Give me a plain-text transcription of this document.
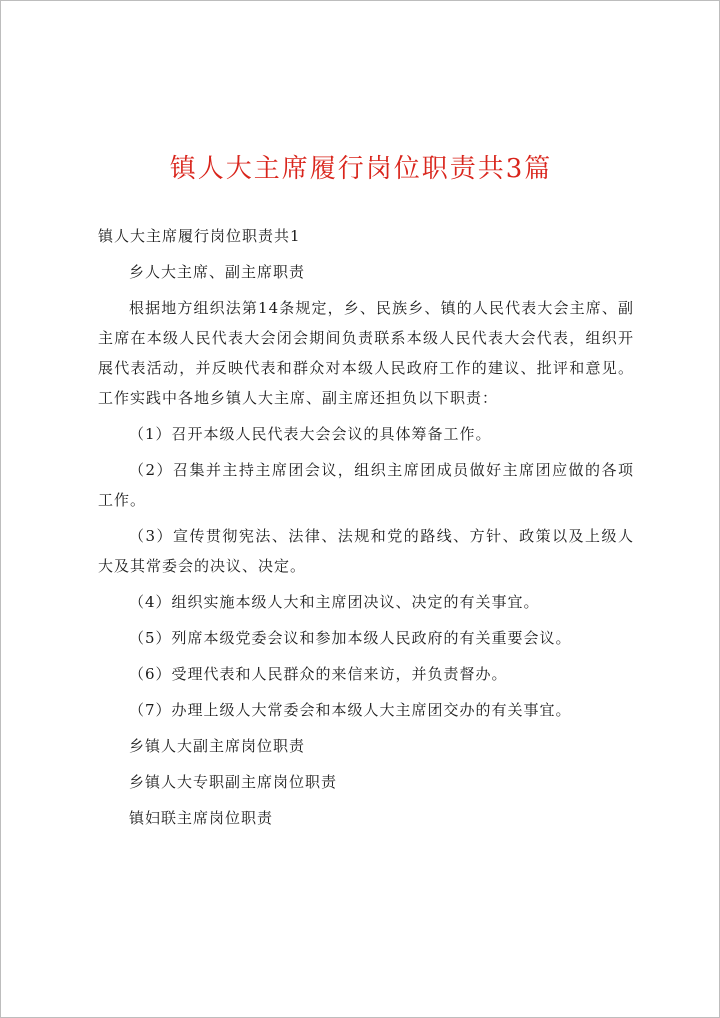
镇人大主席履行岗位职责共3篇

镇人大主席履行岗位职责共1

乡人大主席、副主席职责

根据地方组织法第14条规定，乡、民族乡、镇的人民代表大会主席、副主席在本级人民代表大会闭会期间负责联系本级人民代表大会代表，组织开展代表活动，并反映代表和群众对本级人民政府工作的建议、批评和意见。工作实践中各地乡镇人大主席、副主席还担负以下职责：

（1）召开本级人民代表大会会议的具体筹备工作。

（2）召集并主持主席团会议，组织主席团成员做好主席团应做的各项工作。

（3）宣传贯彻宪法、法律、法规和党的路线、方针、政策以及上级人大及其常委会的决议、决定。

（4）组织实施本级人大和主席团决议、决定的有关事宜。

（5）列席本级党委会议和参加本级人民政府的有关重要会议。

（6）受理代表和人民群众的来信来访，并负责督办。

（7）办理上级人大常委会和本级人大主席团交办的有关事宜。

乡镇人大副主席岗位职责

乡镇人大专职副主席岗位职责

镇妇联主席岗位职责
